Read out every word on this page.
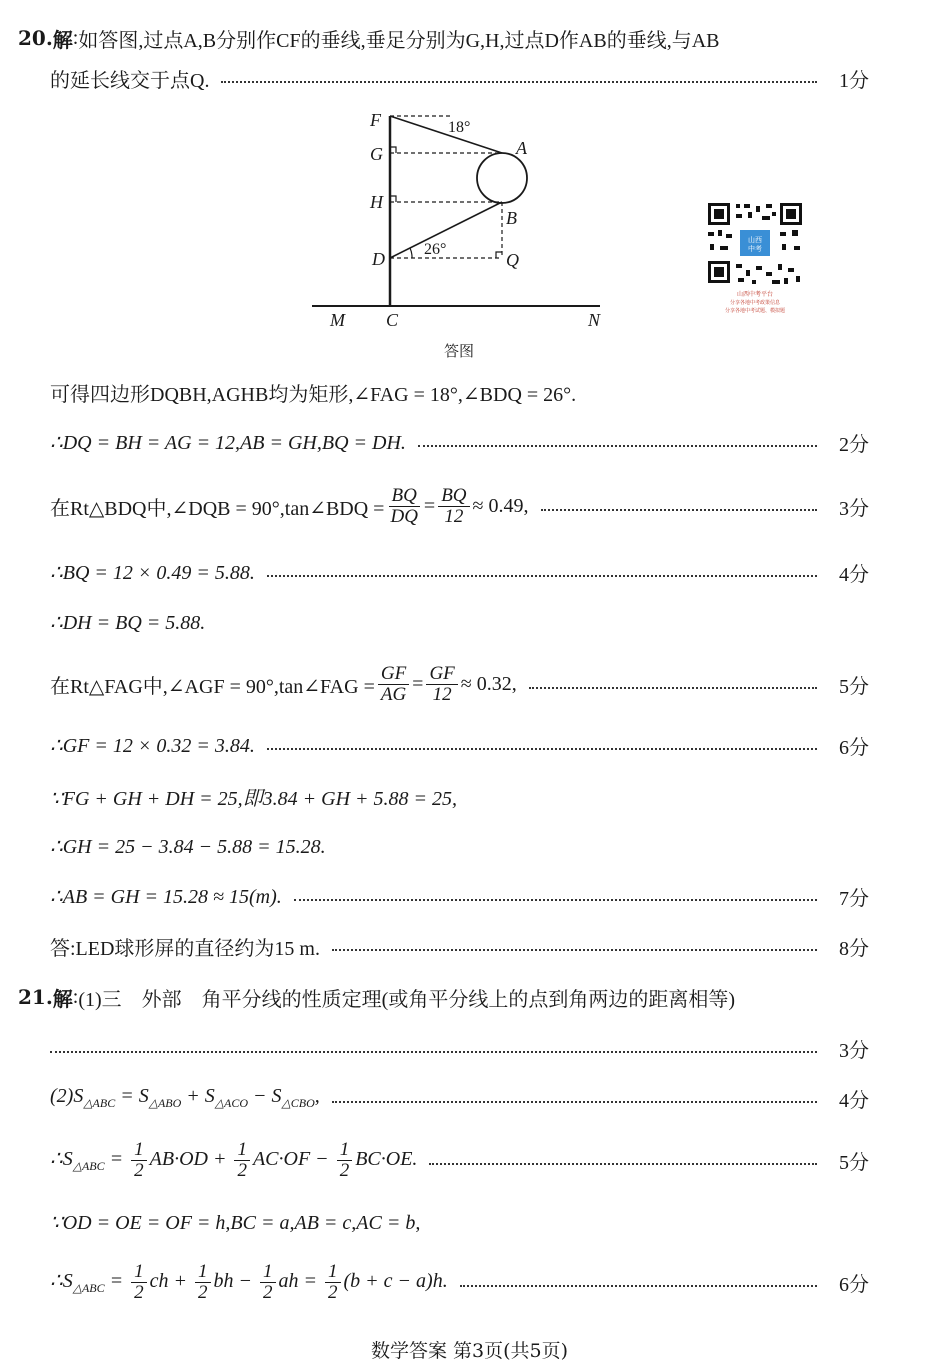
20. 解 : 如答图,过点A,B分别作CF的垂线,垂足分别为G,H,过点D作AB的垂线,与AB
的延长线交于点Q.	1分
F
G
H
D
M C	N
A
B
Q
18°
26°
答图
山西
中考
山西中考平台
分享各地中考政策信息
分享各地中考试题、模拟题
可得四边形DQBH,AGHB均为矩形,∠FAG = 18°,∠BDQ = 26°.
∴DQ = BH = AG = 12,AB = GH,BQ = DH.	2分
在Rt△BDQ中,∠DQB = 90°,tan∠BDQ = $\frac{BQ}{DQ} = \frac{BQ}{12} \approx 0.49$,	3分
∴BQ = 12 × 0.49 = 5.88.	4分
∴DH = BQ = 5.88.
在Rt△FAG中,∠AGF = 90°,tan∠FAG = $\frac{GF}{AG} = \frac{GF}{12} \approx 0.32$,	5分
∴GF = 12 × 0.32 = 3.84.	6分
∵FG + GH + DH = 25,即3.84 + GH + 5.88 = 25,
∴GH = 25 − 3.84 − 5.88 = 15.28.
∴AB = GH = 15.28 ≈ 15(m).	7分
答:LED球形屏的直径约为15 m.	8分
21. 解 : (1)三    外部    角平分线的性质定理(或角平分线上的点到角两边的距离相等)
3分
$(2)S_{\triangle ABC} = S_{\triangle ABO} + S_{\triangle ACO} - S_{\triangle CBO}$,	4分
$\therefore S_{\triangle ABC} = \frac{1}{2} AB\cdot OD + \frac{1}{2} AC\cdot OF - \frac{1}{2} BC\cdot OE$.	5分
∵OD = OE = OF = h,BC = a,AB = c,AC = b,
$\therefore S_{\triangle ABC} = \frac{1}{2}$ ch + $\frac{1}{2}$ bh − $\frac{1}{2}$ ah = $\frac{1}{2} (b + c - a)h$.	6分
数学答案 第3页(共5页)
